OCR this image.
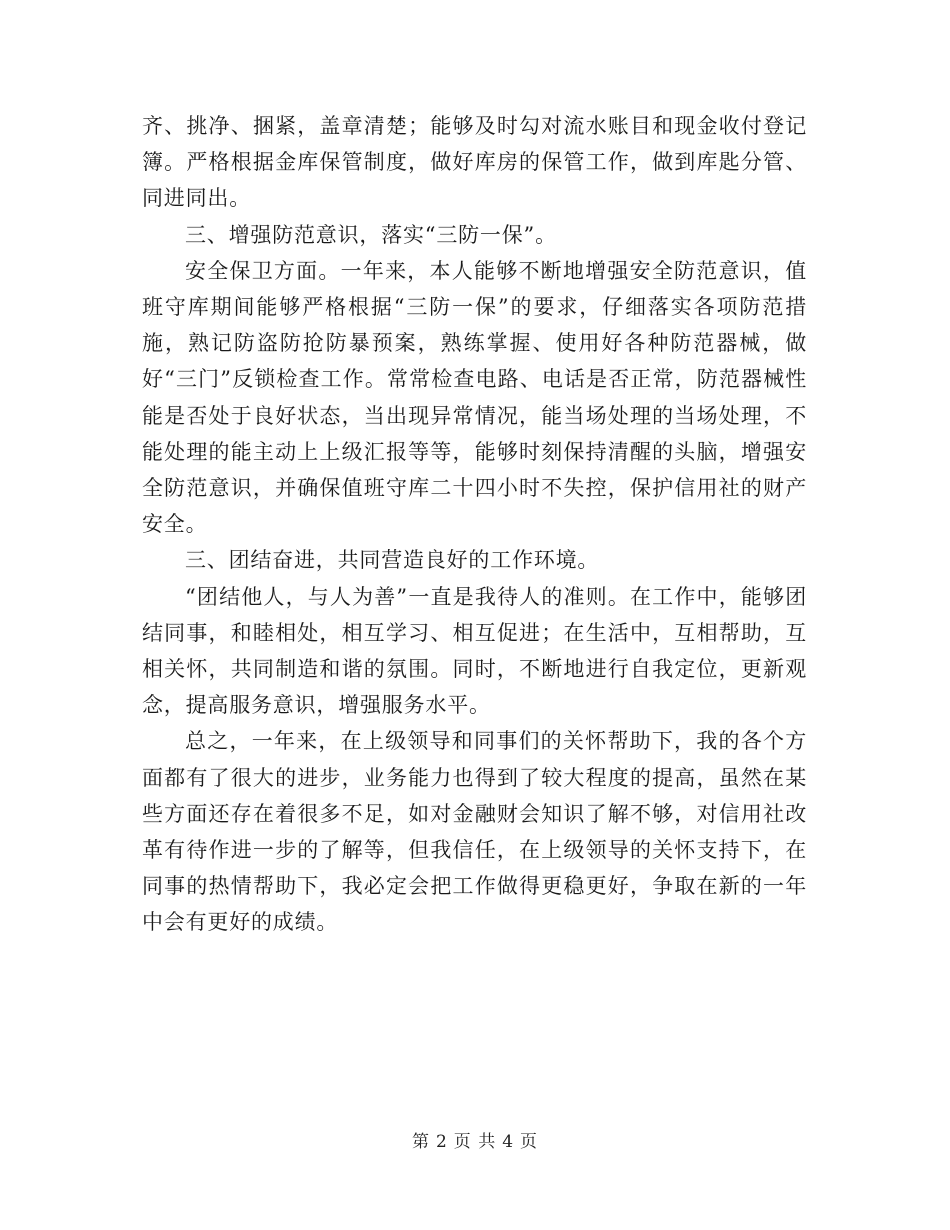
齐、挑净、捆紧，盖章清楚；能够及时勾对流水账目和现金收付登记簿。严格根据金库保管制度，做好库房的保管工作，做到库匙分管、同进同出。

三、增强防范意识，落实“三防一保”。

安全保卫方面。一年来，本人能够不断地增强安全防范意识，值班守库期间能够严格根据“三防一保”的要求，仔细落实各项防范措施，熟记防盗防抢防暴预案，熟练掌握、使用好各种防范器械，做好“三门”反锁检查工作。常常检查电路、电话是否正常，防范器械性能是否处于良好状态，当出现异常情况，能当场处理的当场处理，不能处理的能主动上上级汇报等等，能够时刻保持清醒的头脑，增强安全防范意识，并确保值班守库二十四小时不失控，保护信用社的财产安全。

三、团结奋进，共同营造良好的工作环境。

“团结他人，与人为善”一直是我待人的准则。在工作中，能够团结同事，和睦相处，相互学习、相互促进；在生活中，互相帮助，互相关怀，共同制造和谐的氛围。同时，不断地进行自我定位，更新观念，提高服务意识，增强服务水平。

总之，一年来，在上级领导和同事们的关怀帮助下，我的各个方面都有了很大的进步，业务能力也得到了较大程度的提高，虽然在某些方面还存在着很多不足，如对金融财会知识了解不够，对信用社改革有待作进一步的了解等，但我信任，在上级领导的关怀支持下，在同事的热情帮助下，我必定会把工作做得更稳更好，争取在新的一年中会有更好的成绩。

第 2 页 共 4 页
